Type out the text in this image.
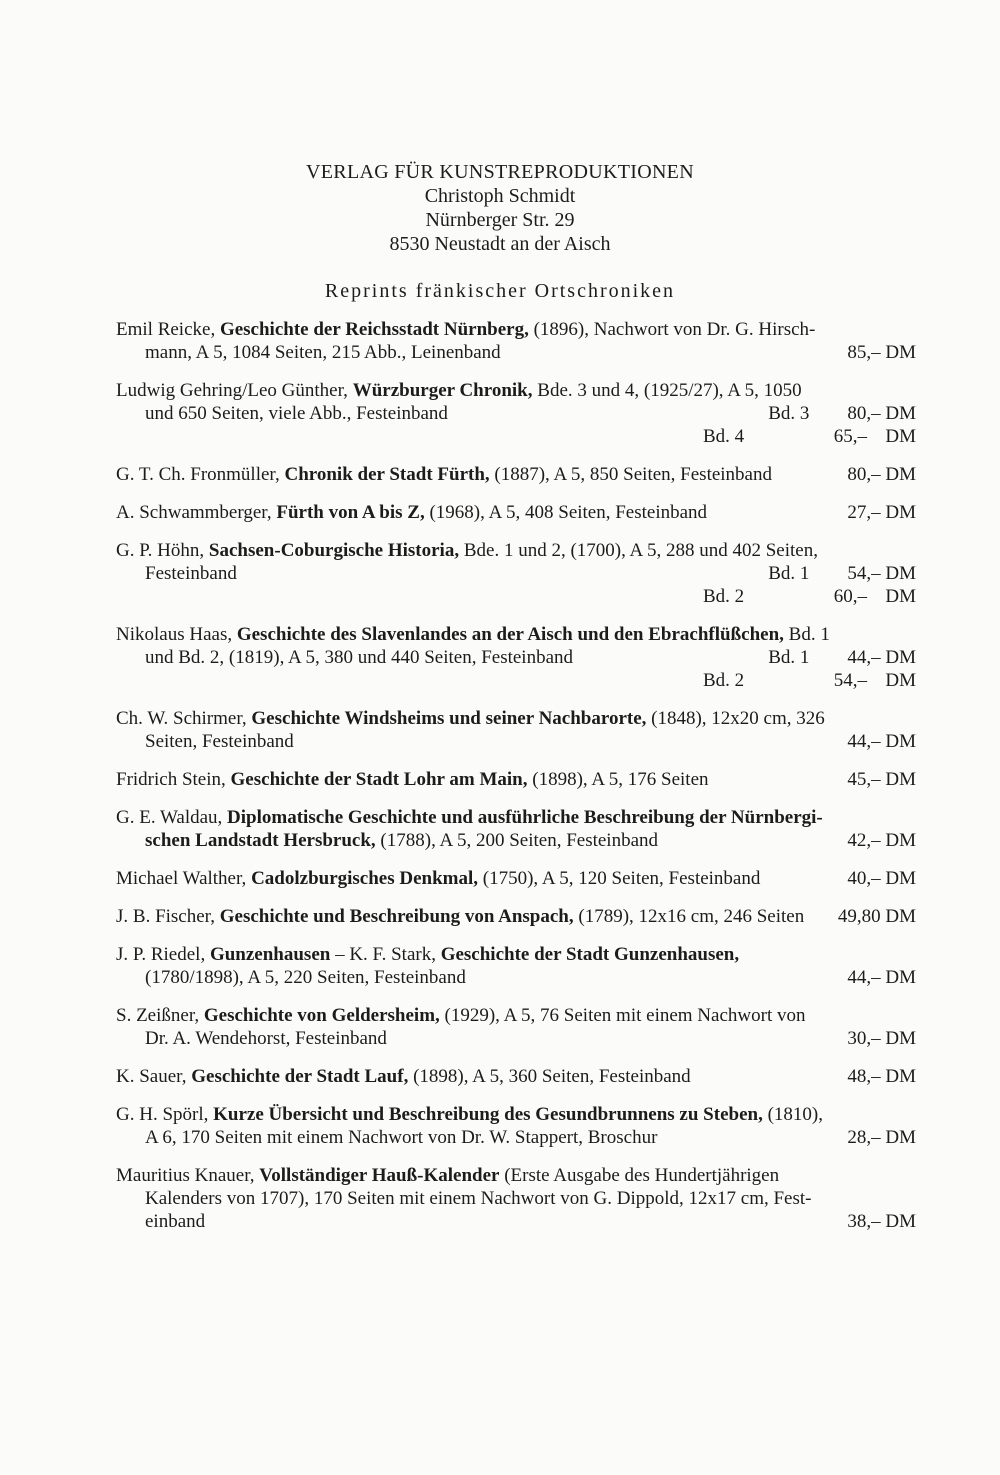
VERLAG FÜR KUNSTREPRODUKTIONEN
Christoph Schmidt
Nürnberger Str. 29
8530 Neustadt an der Aisch
Reprints fränkischer Ortschroniken
Emil Reicke, Geschichte der Reichsstadt Nürnberg, (1896), Nachwort von Dr. G. Hirsch-
mann, A 5, 1084 Seiten, 215 Abb., Leinenband	85,– DM
Ludwig Gehring/Leo Günther, Würzburger Chronik, Bde. 3 und 4, (1925/27), A 5, 1050
und 650 Seiten, viele Abb., Festeinband	Bd. 3  80,– DM
Bd. 4	65,– DM
G. T. Ch. Fronmüller, Chronik der Stadt Fürth, (1887), A 5, 850 Seiten, Festeinband	80,– DM
A. Schwammberger, Fürth von A bis Z, (1968), A 5, 408 Seiten, Festeinband	27,– DM
G. P. Höhn, Sachsen-Coburgische Historia, Bde. 1 und 2, (1700), A 5, 288 und 402 Seiten,
Festeinband	Bd. 1  54,– DM
Bd. 2	60,– DM
Nikolaus Haas, Geschichte des Slavenlandes an der Aisch und den Ebrachflüßchen, Bd. 1
und Bd. 2, (1819), A 5, 380 und 440 Seiten, Festeinband	Bd. 1  44,– DM
Bd. 2	54,– DM
Ch. W. Schirmer, Geschichte Windsheims und seiner Nachbarorte, (1848), 12x20 cm, 326
Seiten, Festeinband	44,– DM
Fridrich Stein, Geschichte der Stadt Lohr am Main, (1898), A 5, 176 Seiten	45,– DM
G. E. Waldau, Diplomatische Geschichte und ausführliche Beschreibung der Nürnbergi-
schen Landstadt Hersbruck, (1788), A 5, 200 Seiten, Festeinband	42,– DM
Michael Walther, Cadolzburgisches Denkmal, (1750), A 5, 120 Seiten, Festeinband	40,– DM
J. B. Fischer, Geschichte und Beschreibung von Anspach, (1789), 12x16 cm, 246 Seiten	49,80 DM
J. P. Riedel, Gunzenhausen – K. F. Stark, Geschichte der Stadt Gunzenhausen,
(1780/1898), A 5, 220 Seiten, Festeinband	44,– DM
S. Zeißner, Geschichte von Geldersheim, (1929), A 5, 76 Seiten mit einem Nachwort von
Dr. A. Wendehorst, Festeinband	30,– DM
K. Sauer, Geschichte der Stadt Lauf, (1898), A 5, 360 Seiten, Festeinband	48,– DM
G. H. Spörl, Kurze Übersicht und Beschreibung des Gesundbrunnens zu Steben, (1810),
A 6, 170 Seiten mit einem Nachwort von Dr. W. Stappert, Broschur	28,– DM
Mauritius Knauer, Vollständiger Hauß-Kalender (Erste Ausgabe des Hundertjährigen
Kalenders von 1707), 170 Seiten mit einem Nachwort von G. Dippold, 12x17 cm, Fest-
einband	38,– DM
